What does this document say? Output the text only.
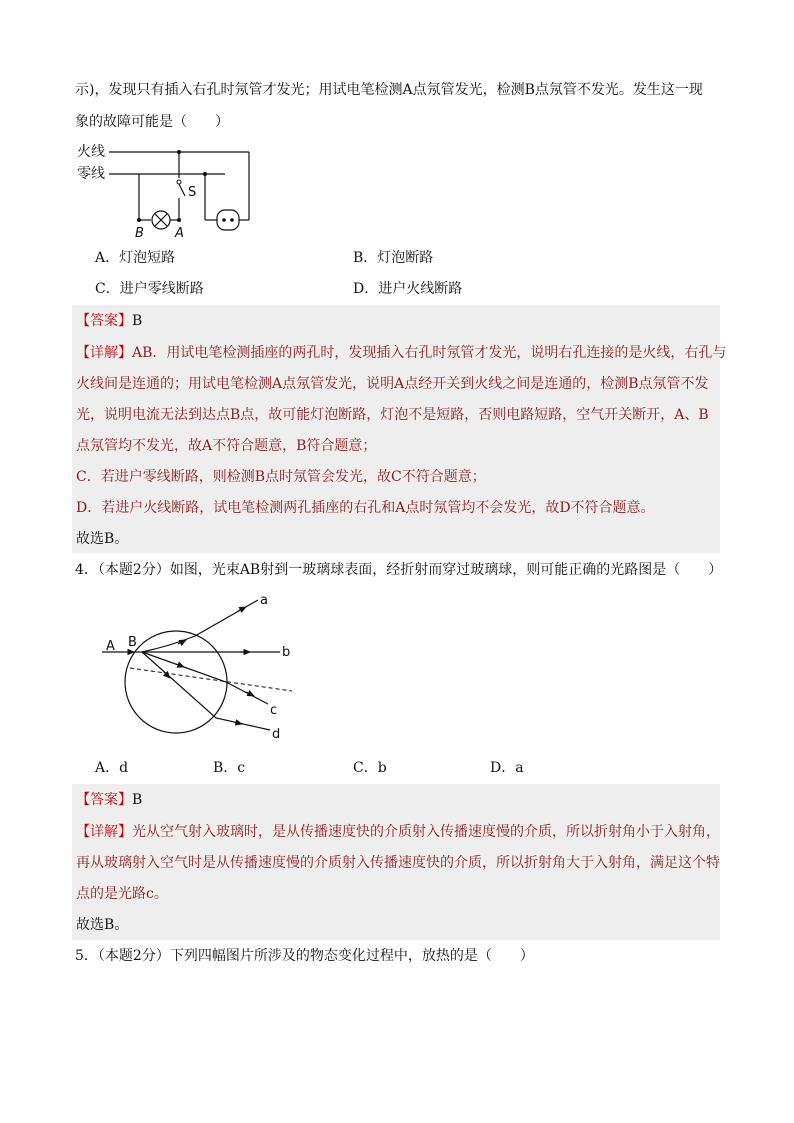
示)，发现只有插入右孔时氖管才发光；用试电笔检测A点氖管发光，检测B点氖管不发光。发生这一现
象的故障可能是（　　）
火线
零线
S
B A
A．灯泡短路	B．灯泡断路
C．进户零线断路	D．进户火线断路
【答案】B
【详解】AB．用试电笔检测插座的两孔时，发现插入右孔时氖管才发光，说明右孔连接的是火线，右孔与
火线间是连通的；用试电笔检测A点氖管发光，说明A点经开关到火线之间是连通的，检测B点氖管不发
光，说明电流无法到达点B点，故可能灯泡断路，灯泡不是短路，否则电路短路，空气开关断开，A、B
点氖管均不发光，故A不符合题意，B符合题意；
C．若进户零线断路，则检测B点时氖管会发光，故C不符合题意；
D．若进户火线断路，试电笔检测两孔插座的右孔和A点时氖管均不会发光，故D不符合题意。
故选B。
4．（本题2分）如图，光束AB射到一玻璃球表面，经折射而穿过玻璃球，则可能正确的光路图是（　　）
A B
a
b
c
d
A．d	B．c	C．b	D．a
【答案】B
【详解】光从空气射入玻璃时，是从传播速度快的介质射入传播速度慢的介质，所以折射角小于入射角，
再从玻璃射入空气时是从传播速度慢的介质射入传播速度快的介质，所以折射角大于入射角，满足这个特
点的是光路c。
故选B。
5．（本题2分）下列四幅图片所涉及的物态变化过程中，放热的是（　　）
